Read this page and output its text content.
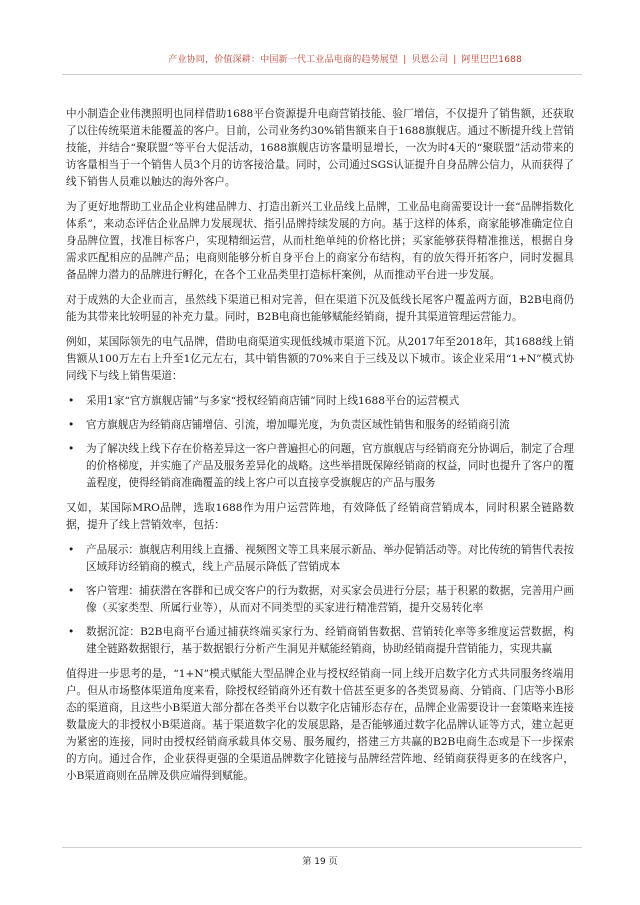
产业协同，价值深耕：中国新一代工业品电商的趋势展望 | 贝恩公司 | 阿里巴巴1688

中小制造企业伟澳照明也同样借助1688平台资源提升电商营销技能、验厂增信，不仅提升了销售额，还获取了以往传统渠道未能覆盖的客户。目前，公司业务约30%销售额来自于1688旗舰店。通过不断提升线上营销技能，并结合“聚联盟”等平台大促活动，1688旗舰店访客量明显增长，一次为时4天的“聚联盟”活动带来的访客量相当于一个销售人员3个月的访客接洽量。同时，公司通过SGS认证提升自身品牌公信力，从而获得了线下销售人员难以触达的海外客户。

为了更好地帮助工业品企业构建品牌力、打造出新兴工业品线上品牌，工业品电商需要设计一套“品牌指数化体系”，来动态评估企业品牌力发展现状、指引品牌持续发展的方向。基于这样的体系，商家能够准确定位自身品牌位置，找准目标客户，实现精细运营，从而杜绝单纯的价格比拼；买家能够获得精准推送，根据自身需求匹配相应的品牌产品；电商则能够分析自身平台上的商家分布结构，有的放矢得开拓客户，同时发掘具备品牌力潜力的品牌进行孵化，在各个工业品类里打造标杆案例，从而推动平台进一步发展。

对于成熟的大企业而言，虽然线下渠道已相对完善，但在渠道下沉及低线长尾客户覆盖两方面，B2B电商仍能为其带来比较明显的补充力量。同时，B2B电商也能够赋能经销商，提升其渠道管理运营能力。

例如，某国际领先的电气品牌，借助电商渠道实现低线城市渠道下沉。从2017年至2018年，其1688线上销售额从100万左右上升至1亿元左右，其中销售额的70%来自于三线及以下城市。该企业采用“1+N”模式协同线下与线上销售渠道：

• 采用1家“官方旗舰店铺”与多家“授权经销商店铺”同时上线1688平台的运营模式
• 官方旗舰店为经销商店铺增信、引流，增加曝光度，为负责区域性销售和服务的经销商引流
• 为了解决线上线下存在价格差异这一客户普遍担心的问题，官方旗舰店与经销商充分协调后，制定了合理的价格梯度，并实施了产品及服务差异化的战略。这些举措既保障经销商的权益，同时也提升了客户的覆盖程度，使得经销商准确覆盖的线上客户可以直接享受旗舰店的产品与服务

又如，某国际MRO品牌，选取1688作为用户运营阵地，有效降低了经销商营销成本，同时积累全链路数据，提升了线上营销效率，包括：

• 产品展示：旗舰店利用线上直播、视频图文等工具来展示新品、举办促销活动等。对比传统的销售代表按区域拜访经销商的模式，线上产品展示降低了营销成本
• 客户管理：捕获潜在客群和已成交客户的行为数据，对买家会员进行分层；基于积累的数据，完善用户画像（买家类型、所属行业等），从而对不同类型的买家进行精准营销，提升交易转化率
• 数据沉淀：B2B电商平台通过捕获终端买家行为、经销商销售数据、营销转化率等多维度运营数据，构建全链路数据银行，基于数据银行分析产生洞见并赋能经销商，协助经销商提升营销能力，实现共赢

值得进一步思考的是，“1+N”模式赋能大型品牌企业与授权经销商一同上线开启数字化方式共同服务终端用户。但从市场整体渠道角度来看，除授权经销商外还有数十倍甚至更多的各类贸易商、分销商、门店等小B形态的渠道商，且这些小B渠道大部分都在各类平台以数字化店铺形态存在，品牌企业需要设计一套策略来连接数量庞大的非授权小B渠道商。基于渠道数字化的发展思路，是否能够通过数字化品牌认证等方式，建立起更为紧密的连接，同时由授权经销商承载具体交易、服务履约，搭建三方共赢的B2B电商生态或是下一步探索的方向。通过合作，企业获得更强的全渠道品牌数字化链接与品牌经营阵地、经销商获得更多的在线客户，小B渠道商则在品牌及供应端得到赋能。

第 19 页
